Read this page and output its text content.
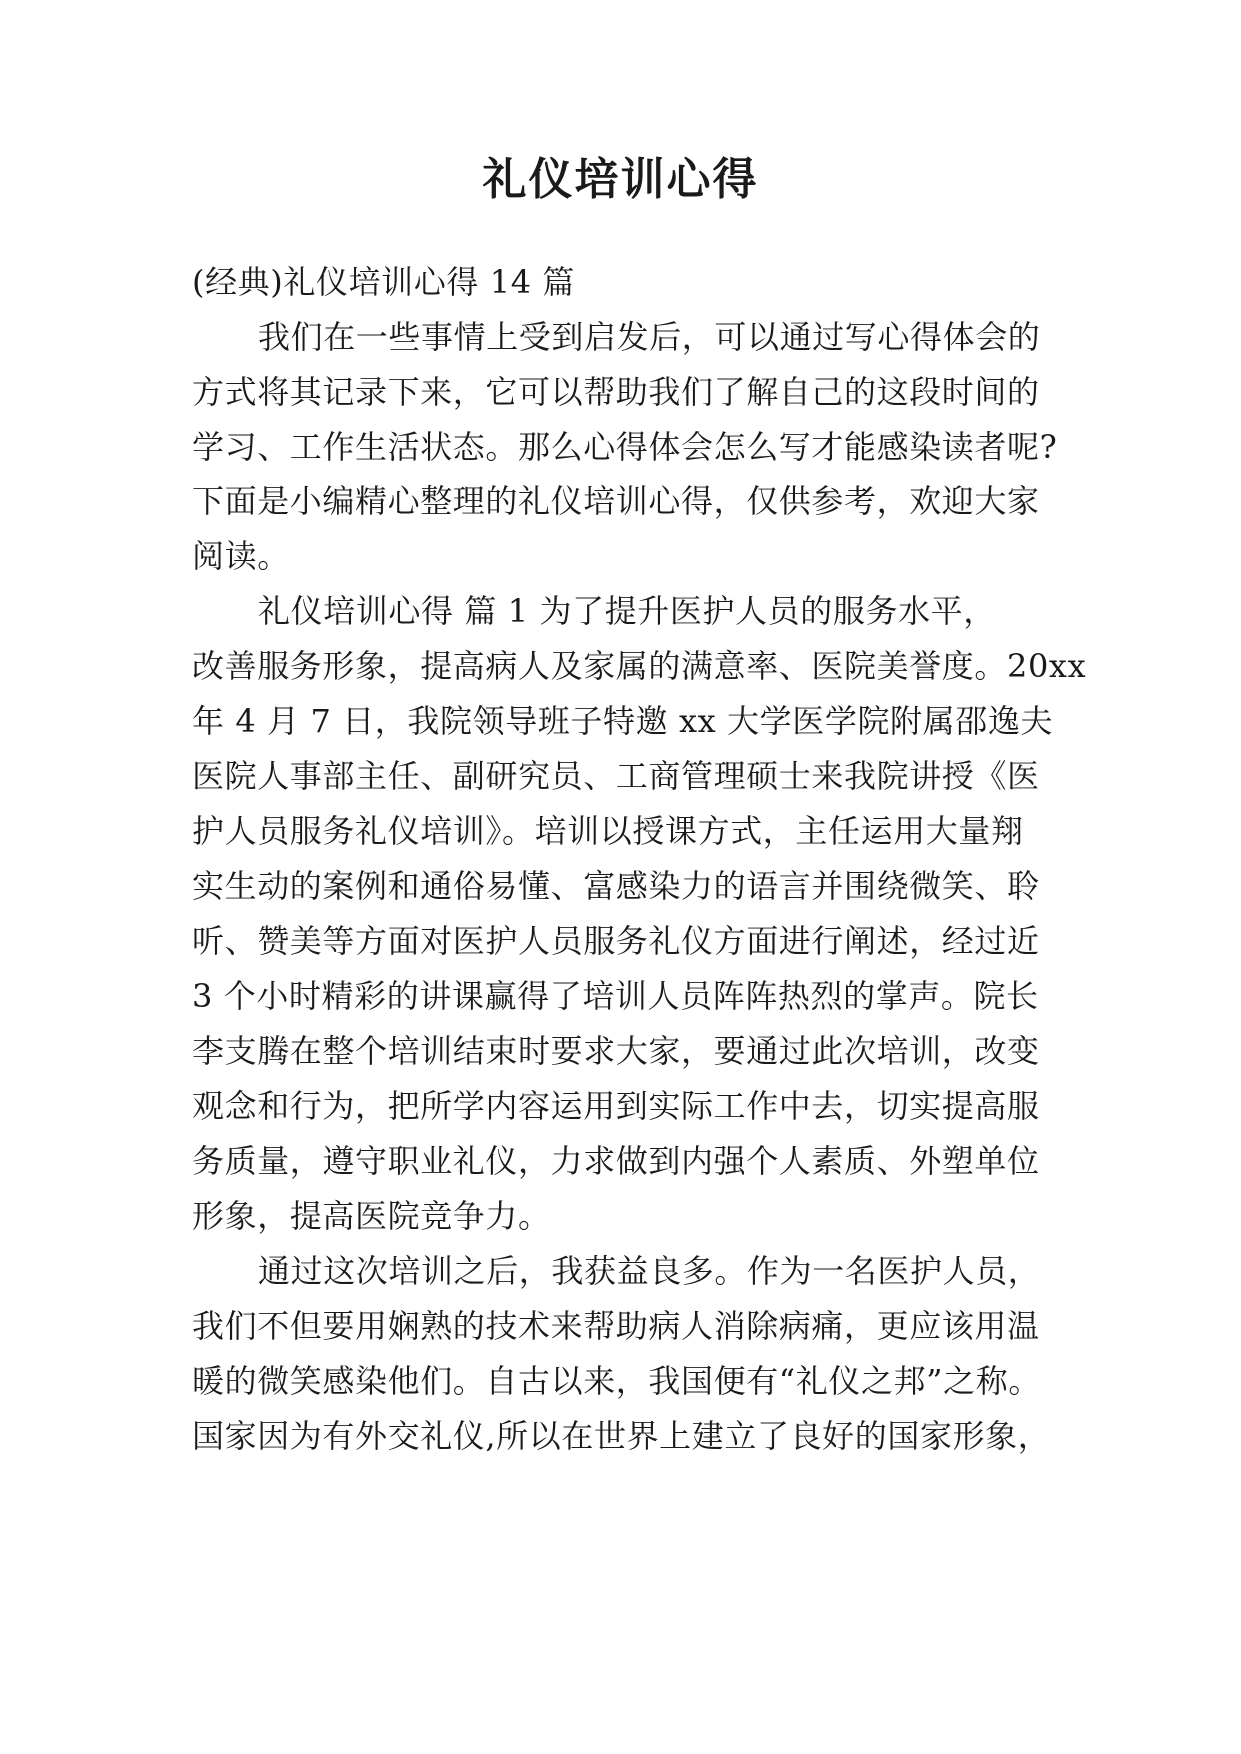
礼仪培训心得

(经典)礼仪培训心得 14 篇

我们在一些事情上受到启发后，可以通过写心得体会的

方式将其记录下来，它可以帮助我们了解自己的这段时间的

学习、工作生活状态。那么心得体会怎么写才能感染读者呢?

下面是小编精心整理的礼仪培训心得，仅供参考，欢迎大家

阅读。

礼仪培训心得 篇 1 为了提升医护人员的服务水平，

改善服务形象，提高病人及家属的满意率、医院美誉度。20xx

年 4 月 7 日，我院领导班子特邀 xx 大学医学院附属邵逸夫

医院人事部主任、副研究员、工商管理硕士来我院讲授《医

护人员服务礼仪培训》。培训以授课方式，主任运用大量翔

实生动的案例和通俗易懂、富感染力的语言并围绕微笑、聆

听、赞美等方面对医护人员服务礼仪方面进行阐述，经过近

3 个小时精彩的讲课赢得了培训人员阵阵热烈的掌声。院长

李支腾在整个培训结束时要求大家，要通过此次培训，改变

观念和行为，把所学内容运用到实际工作中去，切实提高服

务质量，遵守职业礼仪，力求做到内强个人素质、外塑单位

形象，提高医院竞争力。

通过这次培训之后，我获益良多。作为一名医护人员，

我们不但要用娴熟的技术来帮助病人消除病痛，更应该用温

暖的微笑感染他们。自古以来，我国便有“礼仪之邦”之称。

国家因为有外交礼仪,所以在世界上建立了良好的国家形象，
